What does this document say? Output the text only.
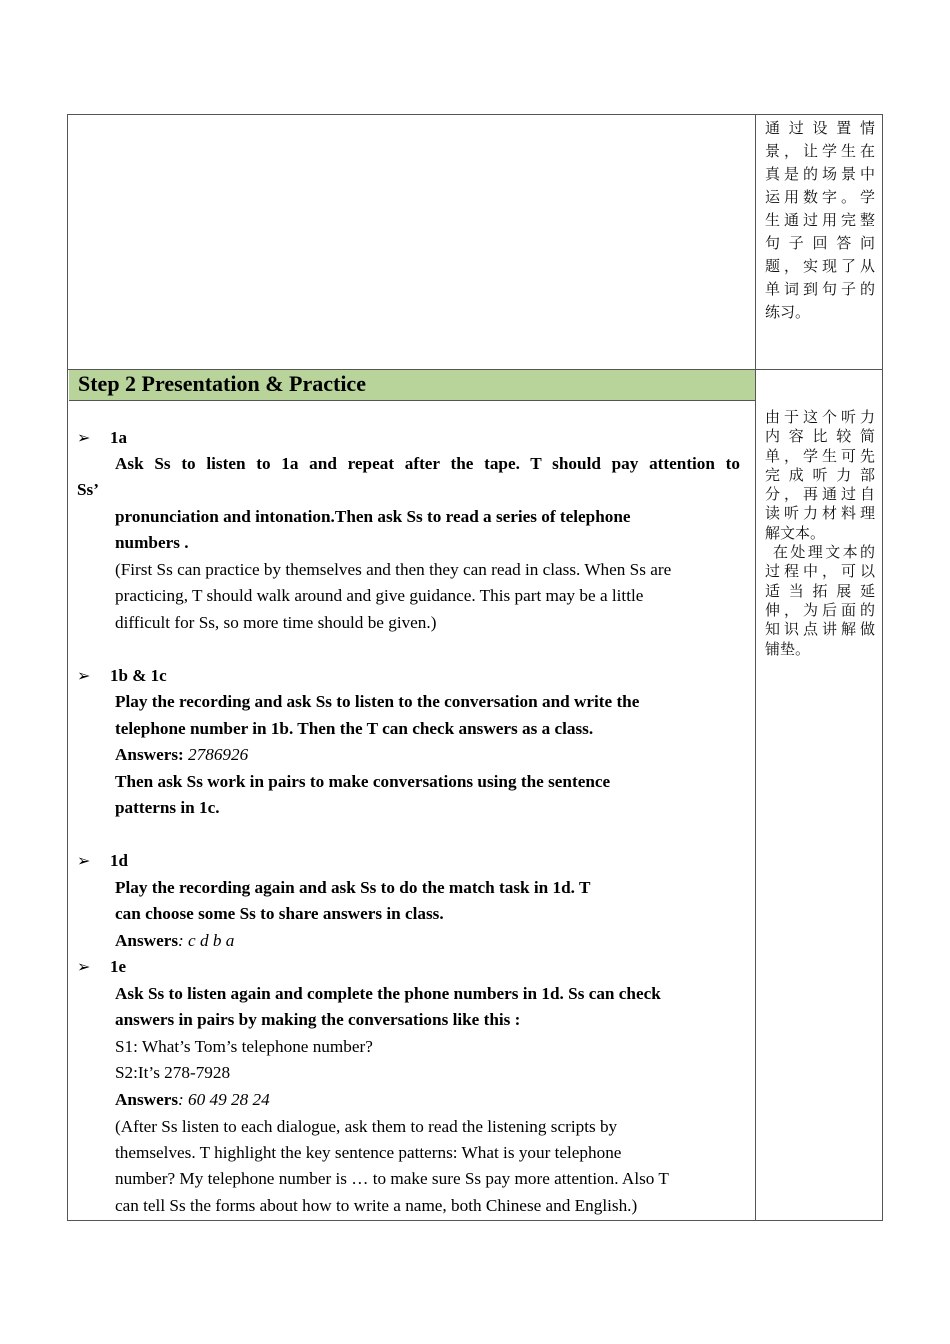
通过设置情

景，让学生在

真是的场景中

运用数字。学

生通过用完整

句子回答问

题，实现了从

单词到句子的

练习。

Step 2 Presentation & Practice

由于这个听力

内容比较简

单，学生可先

完成听力部

分，再通过自

读听力材料理

解文本。

在处理文本的

过程中，可以

适当拓展延

伸，为后面的

知识点讲解做

铺垫。

➢ 1a
Ask Ss to listen to 1a and repeat after the tape. T should pay attention to
Ss’
pronunciation and intonation.Then ask Ss to read a series of telephone
numbers .
(First Ss can practice by themselves and then they can read in class. When Ss are
practicing, T should walk around and give guidance. This part may be a little
difficult for Ss, so more time should be given.)
➢ 1b & 1c
Play the recording and ask Ss to listen to the conversation and write the
telephone number in 1b. Then the T can check answers as a class.
Answers: 2786926
Then ask Ss work in pairs to make conversations using the sentence
patterns in 1c.
➢ 1d
Play the recording again and ask Ss to do the match task in 1d. T
can choose some Ss to share answers in class.
Answers: c d b a
➢ 1e
Ask Ss to listen again and complete the phone numbers in 1d. Ss can check
answers in pairs by making the conversations like this :
S1: What’s Tom’s telephone number?
S2:It’s 278-7928
Answers: 60 49 28 24
(After Ss listen to each dialogue, ask them to read the listening scripts by
themselves. T highlight the key sentence patterns: What is your telephone
number? My telephone number is … to make sure Ss pay more attention. Also T
can tell Ss the forms about how to write a name, both Chinese and English.)
